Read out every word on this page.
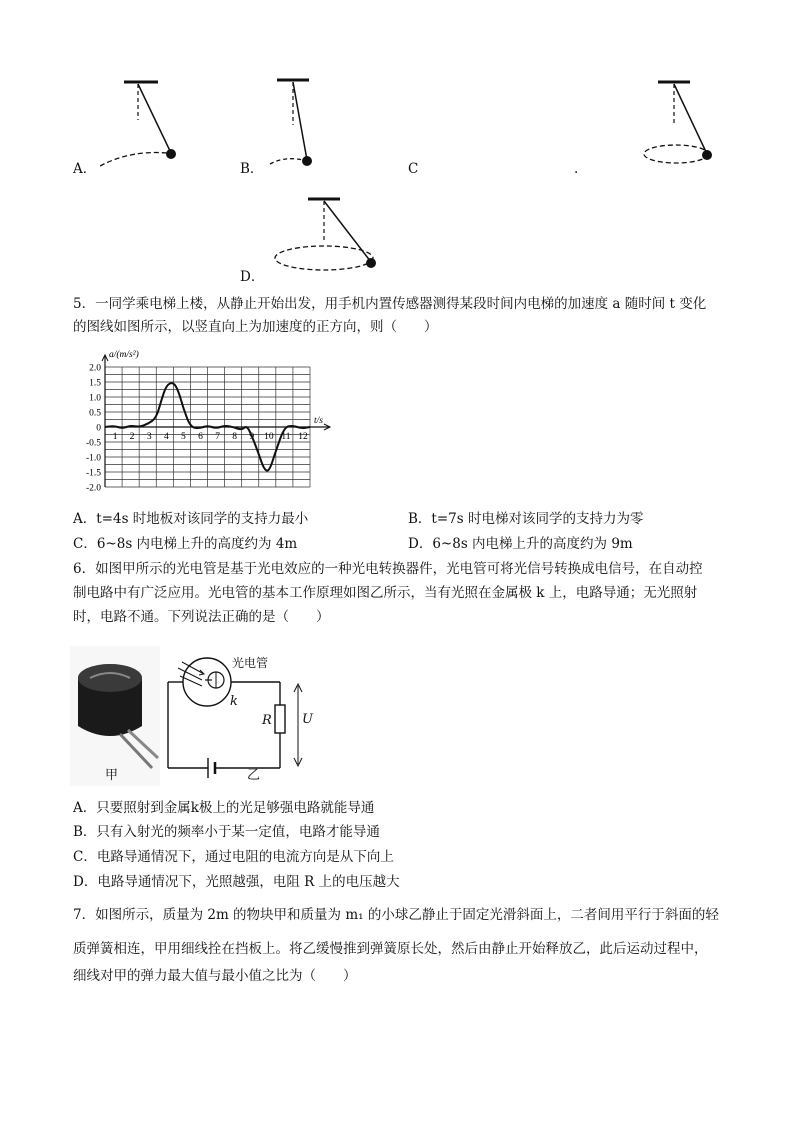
A．	B．	C	.
D．
5．一同学乘电梯上楼，从静止开始出发，用手机内置传感器测得某段时间内电梯的加速度 a 随时间 t 变化
的图线如图所示，以竖直向上为加速度的正方向，则（　　）
2.0
1.5
1.0
0.5
0
-0.5
-1.0
-1.5
-2.0
1 2 3 4 5 6 7 8 9 10 11 12
a/(m/s²)
t/s
A．t=4s 时地板对该同学的支持力最小	B．t=7s 时电梯对该同学的支持力为零
C．6~8s 内电梯上升的高度约为 4m	D．6~8s 内电梯上升的高度约为 9m
6．如图甲所示的光电管是基于光电效应的一种光电转换器件，光电管可将光信号转换成电信号，在自动控
制电路中有广泛应用。光电管的基本工作原理如图乙所示，当有光照在金属极 k 上，电路导通；无光照射
时，电路不通。下列说法正确的是（　　）
甲
光电管
k
R U
乙
A．只要照射到金属k极上的光足够强电路就能导通
B．只有入射光的频率小于某一定值，电路才能导通
C．电路导通情况下，通过电阻的电流方向是从下向上
D．电路导通情况下，光照越强，电阻 R 上的电压越大
7．如图所示，质量为 2m 的物块甲和质量为 m₁ 的小球乙静止于固定光滑斜面上，二者间用平行于斜面的轻
质弹簧相连，甲用细线拴在挡板上。将乙缓慢推到弹簧原长处，然后由静止开始释放乙，此后运动过程中，
细线对甲的弹力最大值与最小值之比为（　　）
